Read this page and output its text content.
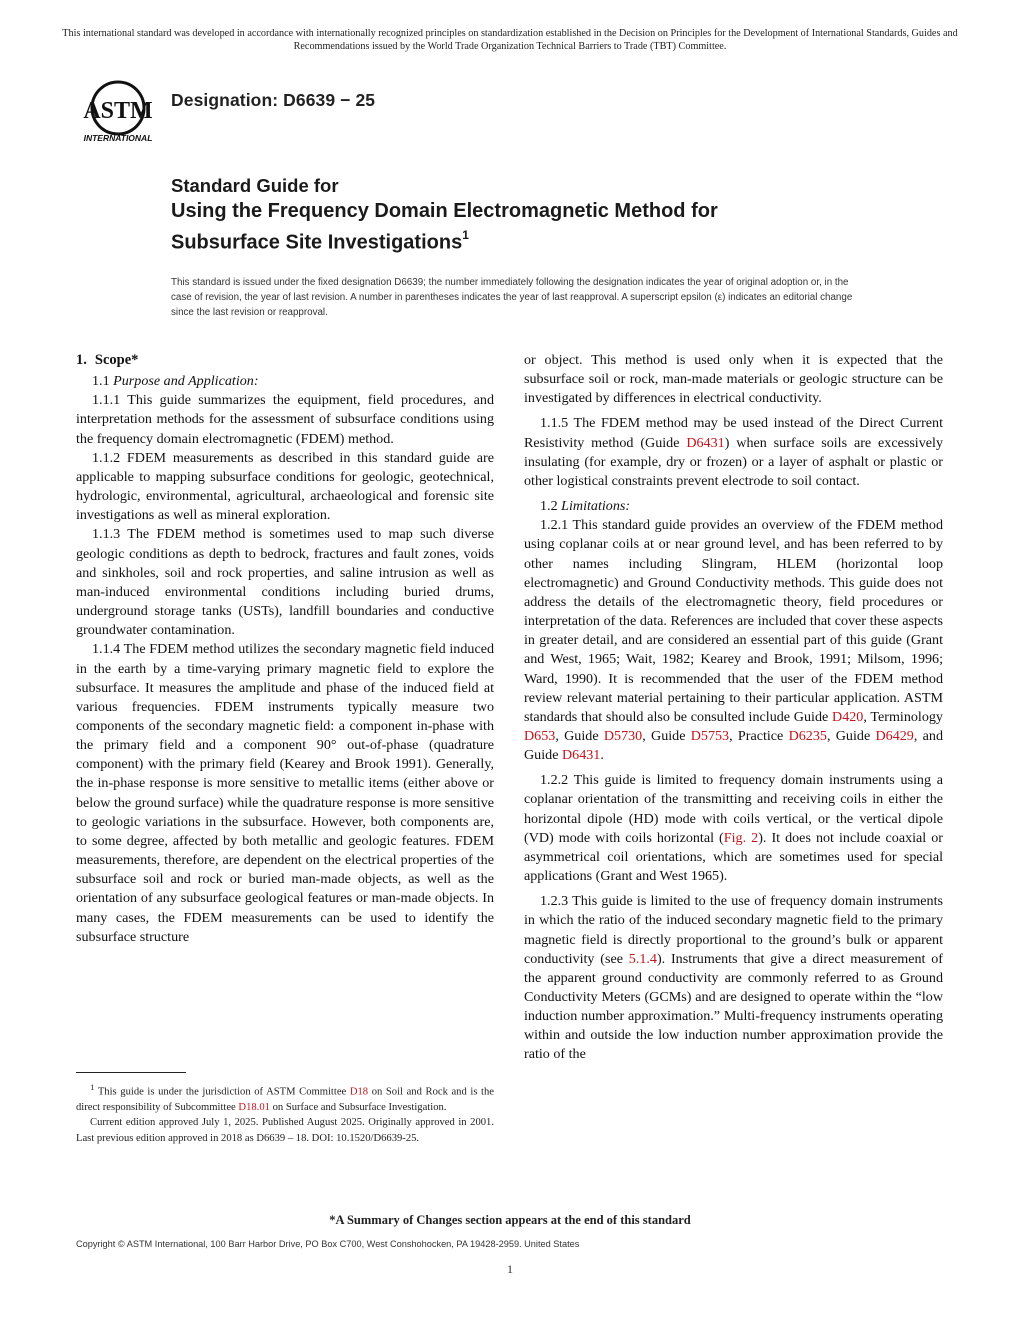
This international standard was developed in accordance with internationally recognized principles on standardization established in the Decision on Principles for the Development of International Standards, Guides and Recommendations issued by the World Trade Organization Technical Barriers to Trade (TBT) Committee.
ASTM
INTERNATIONAL
Designation: D6639 − 25
Standard Guide for
Using the Frequency Domain Electromagnetic Method for
Subsurface Site Investigations$^1$
This standard is issued under the fixed designation D6639; the number immediately following the designation indicates the year of original adoption or, in the case of revision, the year of last revision. A number in parentheses indicates the year of last reapproval. A superscript epsilon (ε) indicates an editorial change since the last revision or reapproval.
1. Scope*

1.1 Purpose and Application:

1.1.1 This guide summarizes the equipment, field procedures, and interpretation methods for the assessment of subsurface conditions using the frequency domain electromagnetic (FDEM) method.

1.1.2 FDEM measurements as described in this standard guide are applicable to mapping subsurface conditions for geologic, geotechnical, hydrologic, environmental, agricultural, archaeological and forensic site investigations as well as mineral exploration.

1.1.3 The FDEM method is sometimes used to map such diverse geologic conditions as depth to bedrock, fractures and fault zones, voids and sinkholes, soil and rock properties, and saline intrusion as well as man-induced environmental conditions including buried drums, underground storage tanks (USTs), landfill boundaries and conductive groundwater contamination.

1.1.4 The FDEM method utilizes the secondary magnetic field induced in the earth by a time-varying primary magnetic field to explore the subsurface. It measures the amplitude and phase of the induced field at various frequencies. FDEM instruments typically measure two components of the secondary magnetic field: a component in-phase with the primary field and a component 90° out-of-phase (quadrature component) with the primary field (Kearey and Brook 1991). Generally, the in-phase response is more sensitive to metallic items (either above or below the ground surface) while the quadrature response is more sensitive to geologic variations in the subsurface. However, both components are, to some degree, affected by both metallic and geologic features. FDEM measurements, therefore, are dependent on the electrical properties of the subsurface soil and rock or buried man-made objects, as well as the orientation of any subsurface geological features or man-made objects. In many cases, the FDEM measurements can be used to identify the subsurface structure

or object. This method is used only when it is expected that the subsurface soil or rock, man-made materials or geologic structure can be investigated by differences in electrical conductivity.

1.1.5 The FDEM method may be used instead of the Direct Current Resistivity method (Guide D6431) when surface soils are excessively insulating (for example, dry or frozen) or a layer of asphalt or plastic or other logistical constraints prevent electrode to soil contact.

1.2 Limitations:

1.2.1 This standard guide provides an overview of the FDEM method using coplanar coils at or near ground level, and has been referred to by other names including Slingram, HLEM (horizontal loop electromagnetic) and Ground Conductivity methods. This guide does not address the details of the electromagnetic theory, field procedures or interpretation of the data. References are included that cover these aspects in greater detail, and are considered an essential part of this guide (Grant and West, 1965; Wait, 1982; Kearey and Brook, 1991; Milsom, 1996; Ward, 1990). It is recommended that the user of the FDEM method review relevant material pertaining to their particular application. ASTM standards that should also be consulted include Guide D420, Terminology D653, Guide D5730, Guide D5753, Practice D6235, Guide D6429, and Guide D6431.

1.2.2 This guide is limited to frequency domain instruments using a coplanar orientation of the transmitting and receiving coils in either the horizontal dipole (HD) mode with coils vertical, or the vertical dipole (VD) mode with coils horizontal (Fig. 2). It does not include coaxial or asymmetrical coil orientations, which are sometimes used for special applications (Grant and West 1965).

1.2.3 This guide is limited to the use of frequency domain instruments in which the ratio of the induced secondary magnetic field to the primary magnetic field is directly proportional to the ground’s bulk or apparent conductivity (see 5.1.4). Instruments that give a direct measurement of the apparent ground conductivity are commonly referred to as Ground Conductivity Meters (GCMs) and are designed to operate within the “low induction number approximation.” Multi-frequency instruments operating within and outside the low induction number approximation provide the ratio of the

$^1$ This guide is under the jurisdiction of ASTM Committee D18 on Soil and Rock and is the direct responsibility of Subcommittee D18.01 on Surface and Subsurface Investigation.

Current edition approved July 1, 2025. Published August 2025. Originally approved in 2001. Last previous edition approved in 2018 as D6639 – 18. DOI: 10.1520/D6639-25.

*A Summary of Changes section appears at the end of this standard
Copyright © ASTM International, 100 Barr Harbor Drive, PO Box C700, West Conshohocken, PA 19428-2959. United States
1
